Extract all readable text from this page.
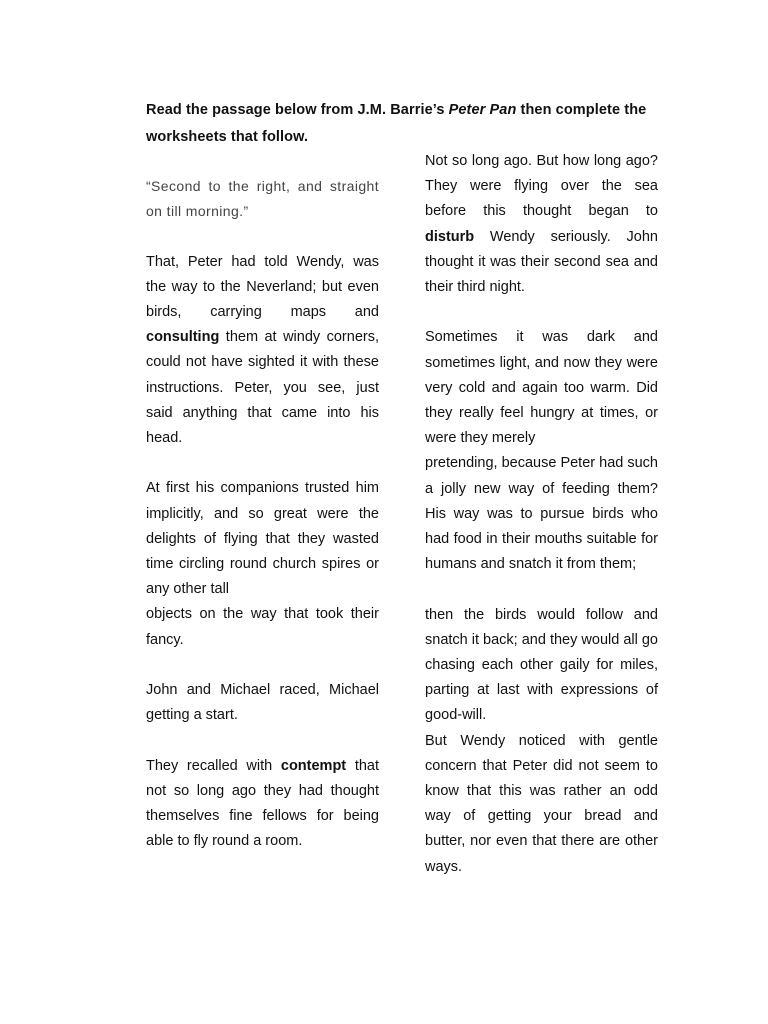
Read the passage below from J.M. Barrie’s Peter Pan then complete the worksheets that follow.
“Second to the right, and straight on till morning.”
That, Peter had told Wendy, was the way to the Neverland; but even birds, carrying maps and consulting them at windy corners, could not have sighted it with these instructions. Peter, you see, just said anything that came into his head.
At first his companions trusted him implicitly, and so great were the delights of flying that they wasted time circling round church spires or any other tall
objects on the way that took their fancy.
John and Michael raced, Michael getting a start.
They recalled with contempt that not so long ago they had thought themselves fine fellows for being able to fly round a room.
Not so long ago. But how long ago? They were flying over the sea before this thought began to disturb Wendy seriously. John thought it was their second sea and their third night.
Sometimes it was dark and sometimes light, and now they were very cold and again too warm. Did they really feel hungry at times, or were they merely
pretending, because Peter had such a jolly new way of feeding them? His way was to pursue birds who had food in their mouths suitable for humans and snatch it from them;
then the birds would follow and snatch it back; and they would all go chasing each other gaily for miles, parting at last with expressions of good-will.
But Wendy noticed with gentle concern that Peter did not seem to know that this was rather an odd way of getting your bread and butter, nor even that there are other ways.
